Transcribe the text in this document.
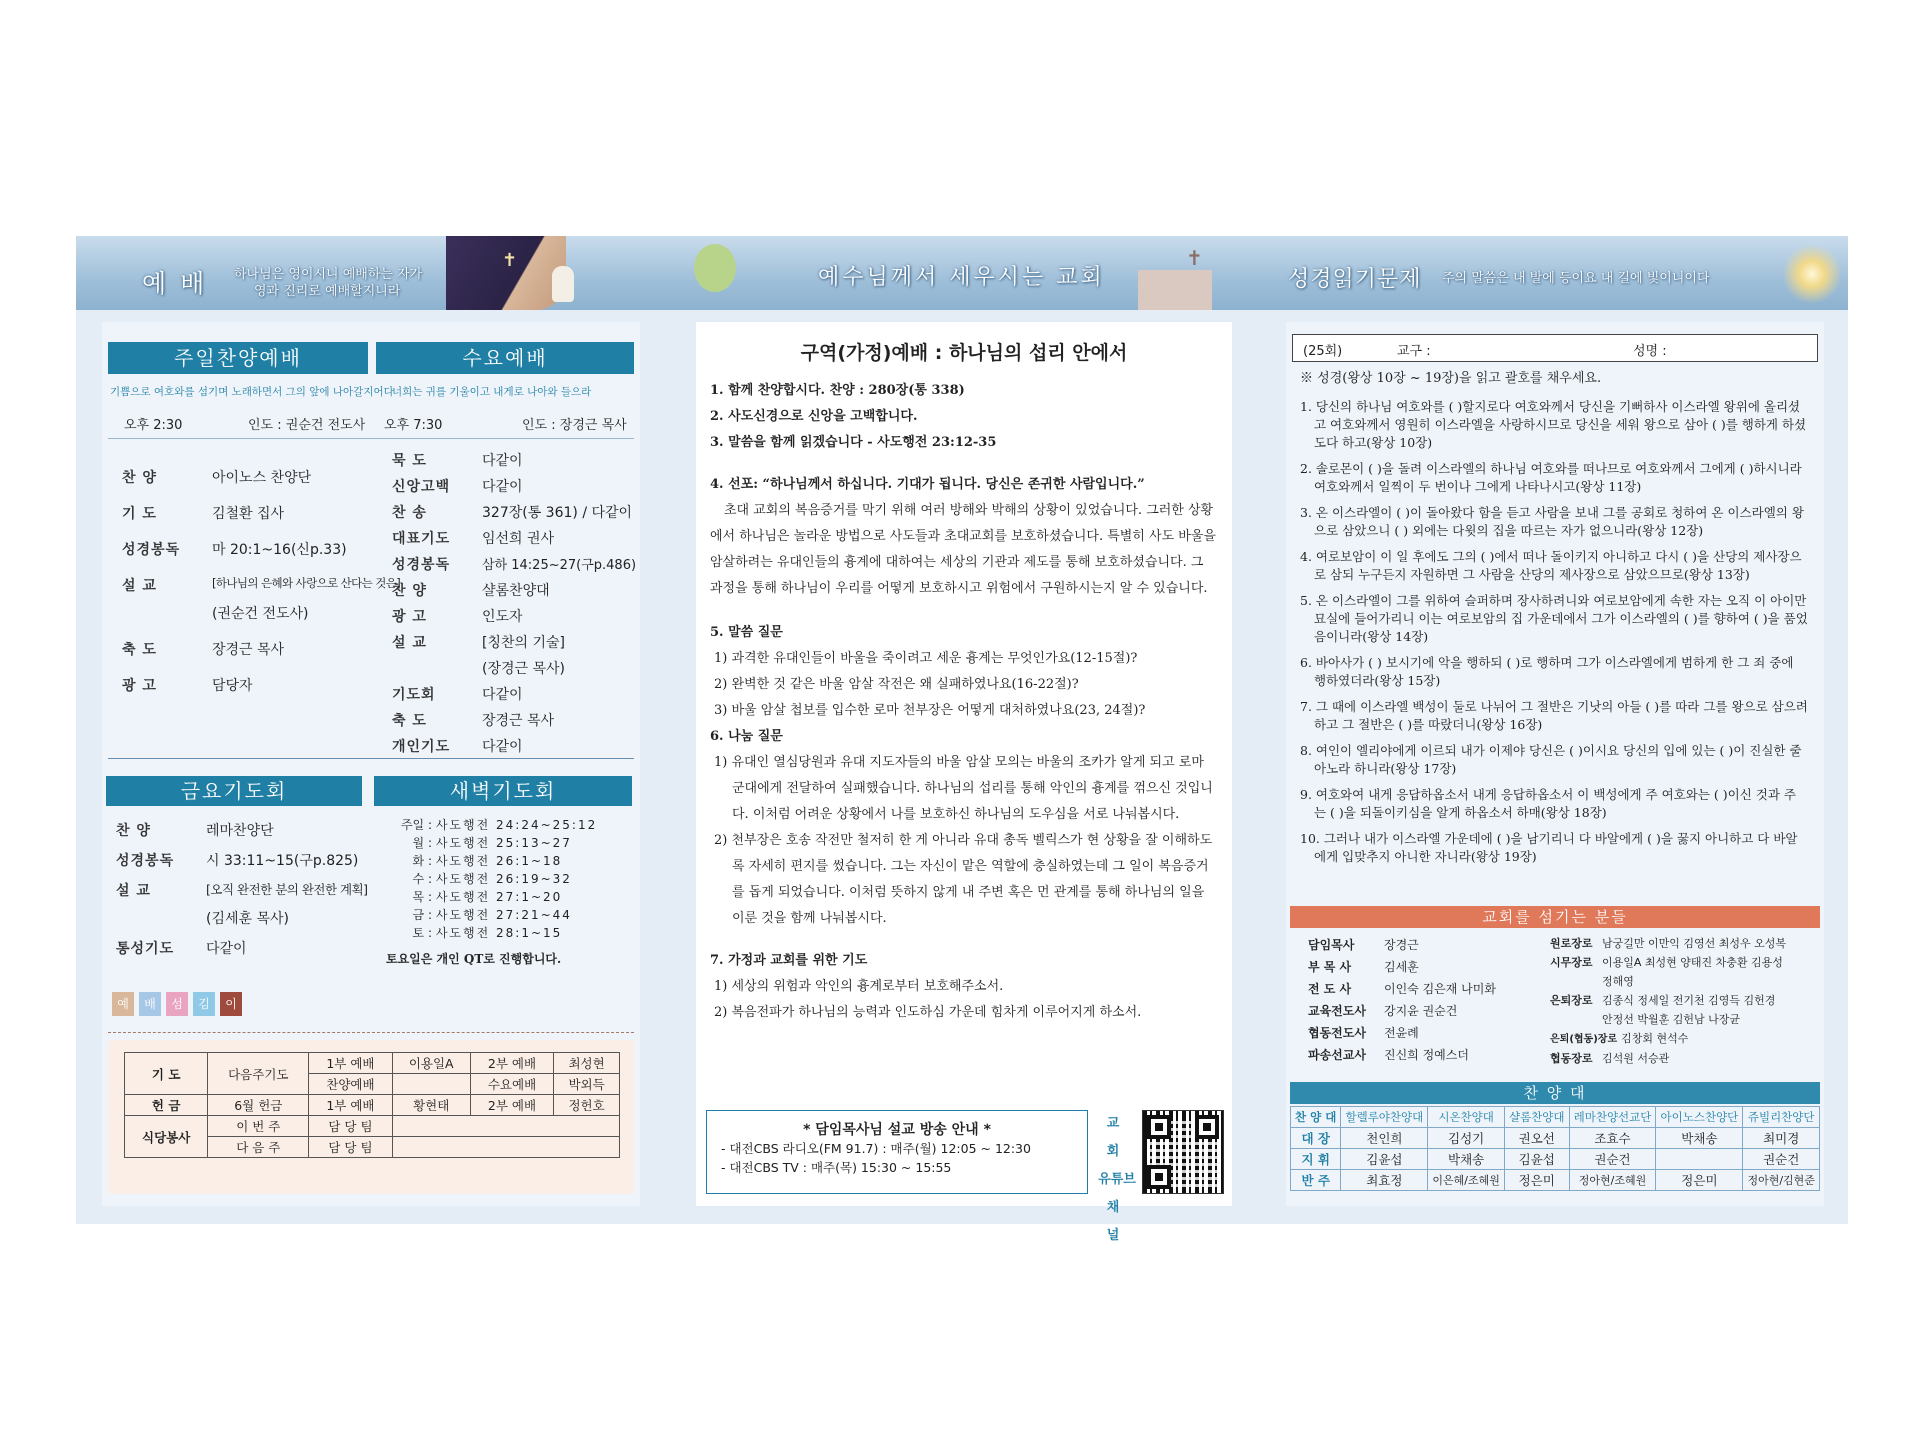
✝
예 배 하나님은 영이시니 예배하는 자가
영과 진리로 예배할지니라
✝
예수님께서 세우시는 교회	성경읽기문제 주의 말씀은 내 발에 등이요 내 길에 빛이니이다
주일찬양예배	수요예배
기쁨으로 여호와를 섬기며 노래하면서 그의 앞에 나아갈지어다
너희는 귀를 기울이고 내게로 나아와 들으라
오후 2:30	인도 : 권순건 전도사 오후 7:30	인도 : 장경근 목사
찬 양	아이노스 찬양단
기 도	김철환 집사
성경봉독	마 20:1~16(신p.33)
설 교	[하나님의 은혜와 사랑으로 산다는 것은]
(권순건 전도사)
축 도	장경근 목사
광 고	담당자
묵 도	다같이
신앙고백	다같이
찬 송	327장(통 361) / 다같이
대표기도	임선희 권사
성경봉독	삼하 14:25~27(구p.486)
찬 양	샬롬찬양대
광 고	인도자
설 교	[칭찬의 기술]
(장경근 목사)
기도회	다같이
축 도	장경근 목사
개인기도	다같이
금요기도회	새벽기도회
찬 양	레마찬양단
성경봉독	시 33:11~15(구p.825)
설 교	[오직 완전한 분의 완전한 계획]
(김세훈 목사)
통성기도	다같이
주일 : 사도행전 24:24~25:12
월 : 사도행전 25:13~27
화 : 사도행전 26:1~18
수 : 사도행전 26:19~32
목 : 사도행전 27:1~20
금 : 사도행전 27:21~44
토 : 사도행전 28:1~15
토요일은 개인 QT로 진행합니다.
예	배	섬	김	이
기 도	다음주기도	1부 예배	이용일A	2부 예배	최성현
		찬양예배		수요예배	박외득
헌 금	6월 헌금	1부 예배	황현태	2부 예배	정헌호
식당봉사	이 번 주	담 당 팀			
	다 음 주	담 당 팀			
구역(가정)예배 : 하나님의 섭리 안에서

1. 함께 찬양합시다. 찬양 : 280장(통 338)

2. 사도신경으로 신앙을 고백합니다.

3. 말씀을 함께 읽겠습니다 - 사도행전 23:12-35

4. 선포: “하나님께서 하십니다. 기대가 됩니다. 당신은 존귀한 사람입니다.”

초대 교회의 복음증거를 막기 위해 여러 방해와 박해의 상황이 있었습니다. 그러한 상황에서 하나님은 놀라운 방법으로 사도들과 초대교회를 보호하셨습니다. 특별히 사도 바울을 암살하려는 유대인들의 흉계에 대하여는 세상의 기관과 제도를 통해 보호하셨습니다. 그 과정을 통해 하나님이 우리를 어떻게 보호하시고 위험에서 구원하시는지 알 수 있습니다.

5. 말씀 질문

1) 과격한 유대인들이 바울을 죽이려고 세운 흉계는 무엇인가요(12-15절)?

2) 완벽한 것 같은 바울 암살 작전은 왜 실패하였나요(16-22절)?

3) 바울 암살 첩보를 입수한 로마 천부장은 어떻게 대처하였나요(23, 24절)?

6. 나눔 질문

1) 유대인 열심당원과 유대 지도자들의 바울 암살 모의는 바울의 조카가 알게 되고 로마 군대에게 전달하여 실패했습니다. 하나님의 섭리를 통해 악인의 흉계를 꺾으신 것입니다. 이처럼 어려운 상황에서 나를 보호하신 하나님의 도우심을 서로 나눠봅시다.

2) 천부장은 호송 작전만 철저히 한 게 아니라 유대 총독 벨릭스가 현 상황을 잘 이해하도록 자세히 편지를 썼습니다. 그는 자신이 맡은 역할에 충실하였는데 그 일이 복음증거를 돕게 되었습니다. 이처럼 뜻하지 않게 내 주변 혹은 먼 관계를 통해 하나님의 일을 이룬 것을 함께 나눠봅시다.

7. 가정과 교회를 위한 기도

1) 세상의 위험과 악인의 흉계로부터 보호해주소서.

2) 복음전파가 하나님의 능력과 인도하심 가운데 힘차게 이루어지게 하소서.

* 담임목사님 설교 방송 안내 *
- 대전CBS 라디오(FM 91.7) : 매주(월) 12:05 ~ 12:30
- 대전CBS TV : 매주(목) 15:30 ~ 15:55
교 회
유튜브
채 널
(25회)	교구 :	성명 :
※ 성경(왕상 10장 ~ 19장)을 읽고 괄호를 채우세요.
1. 당신의 하나님 여호와를 ( )할지로다 여호와께서 당신을 기뻐하사 이스라엘 왕위에 올리셨고 여호와께서 영원히 이스라엘을 사랑하시므로 당신을 세워 왕으로 삼아 ( )를 행하게 하셨도다 하고(왕상 10장)
2. 솔로몬이 ( )을 돌려 이스라엘의 하나님 여호와를 떠나므로 여호와께서 그에게 ( )하시니라 여호와께서 일찍이 두 번이나 그에게 나타나시고(왕상 11장)
3. 온 이스라엘이 ( )이 돌아왔다 함을 듣고 사람을 보내 그를 공회로 청하여 온 이스라엘의 왕으로 삼았으니 ( ) 외에는 다윗의 집을 따르는 자가 없으니라(왕상 12장)
4. 여로보암이 이 일 후에도 그의 ( )에서 떠나 돌이키지 아니하고 다시 ( )을 산당의 제사장으로 삼되 누구든지 자원하면 그 사람을 산당의 제사장으로 삼았으므로(왕상 13장)
5. 온 이스라엘이 그를 위하여 슬퍼하며 장사하려니와 여로보암에게 속한 자는 오직 이 아이만 묘실에 들어가리니 이는 여로보암의 집 가운데에서 그가 이스라엘의 ( )를 향하여 ( )을 품었음이니라(왕상 14장)
6. 바아사가 ( ) 보시기에 악을 행하되 ( )로 행하며 그가 이스라엘에게 범하게 한 그 죄 중에 행하였더라(왕상 15장)
7. 그 때에 이스라엘 백성이 둘로 나뉘어 그 절반은 기낫의 아들 ( )를 따라 그를 왕으로 삼으려 하고 그 절반은 ( )를 따랐더니(왕상 16장)
8. 여인이 엘리야에게 이르되 내가 이제야 당신은 ( )이시요 당신의 입에 있는 ( )이 진실한 줄 아노라 하니라(왕상 17장)
9. 여호와여 내게 응답하옵소서 내게 응답하옵소서 이 백성에게 주 여호와는 ( )이신 것과 주는 ( )을 되돌이키심을 알게 하옵소서 하매(왕상 18장)
10. 그러나 내가 이스라엘 가운데에 ( )을 남기리니 다 바알에게 ( )을 꿇지 아니하고 다 바알에게 입맞추지 아니한 자니라(왕상 19장)
교회를 섬기는 분들
담임목사 장경근
부 목 사	김세훈
전 도 사	이인숙 김은재 나미화
교육전도사 강지윤 권순건
협동전도사 전윤례
파송선교사 진신희 정예스더
원로장로 남궁길만 이만익 김영선 최성우 오성복
시무장로 이용일A 최성현 양태진 차충환 김용성
정해영
은퇴장로 김종식 정세일 전기천 김영득 김헌경
안정선 박월훈 김헌남 나장균
은퇴(협동)장로 김창회 현석수
협동장로 김석원 서승관
찬 양 대
찬 양 대	할렐루야찬양대	시온찬양대	샬롬찬양대	레마찬양선교단	아이노스찬양단	쥬빌리찬양단
대 장	천인희	김성기	권오선	조효수	박채송	최미경
지 휘	김윤섭	박채송	김윤섭	권순건		권순건
반 주	최효정	이은혜/조혜원	정은미	정아현/조혜원	정은미	정아현/김현준
